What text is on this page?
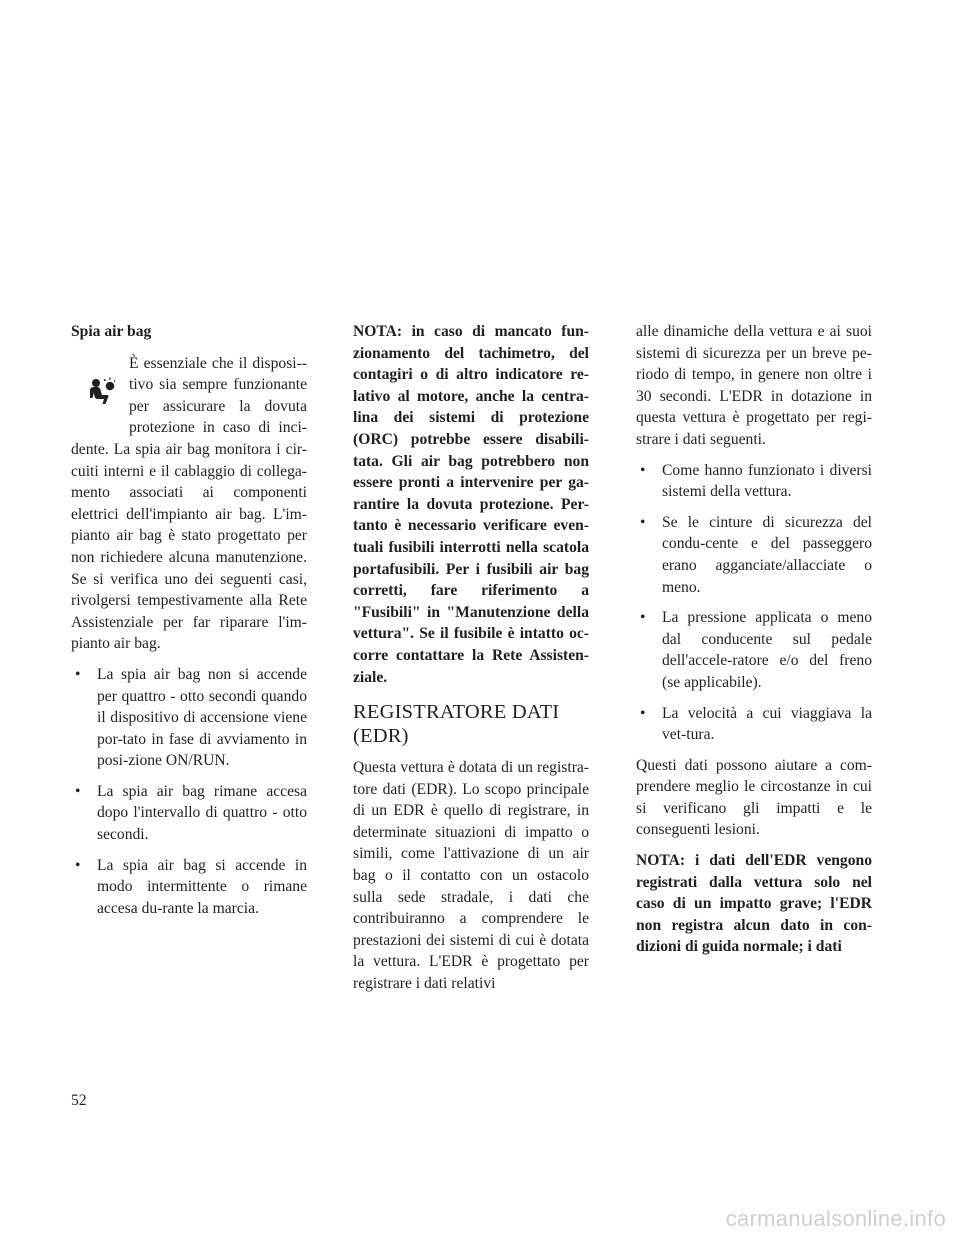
Spia air bag

È essenziale che il disposi-tivo sia sempre funzionante per assicurare la dovuta protezione in caso di inci- dente. La spia air bag monitora i cir-cuiti interni e il cablaggio di collega-mento associati ai componenti elettrici dell'impianto air bag. L'im-pianto air bag è stato progettato per non richiedere alcuna manutenzione. Se si verifica uno dei seguenti casi, rivolgersi tempestivamente alla Rete Assistenziale per far riparare l'im-pianto air bag.

• La spia air bag non si accende per quattro - otto secondi quando il dispositivo di accensione viene por-tato in fase di avviamento in posi-zione ON/RUN.
• La spia air bag rimane accesa dopo l'intervallo di quattro - otto secondi.
• La spia air bag si accende in modo intermittente o rimane accesa du-rante la marcia.

NOTA: in caso di mancato fun-zionamento del tachimetro, del contagiri o di altro indicatore re-lativo al motore, anche la centra-lina dei sistemi di protezione (ORC) potrebbe essere disabili-tata. Gli air bag potrebbero non essere pronti a intervenire per ga-rantire la dovuta protezione. Per-tanto è necessario verificare even-tuali fusibili interrotti nella scatola portafusibili. Per i fusibili air bag corretti, fare riferimento a "Fusibili" in "Manutenzione della vettura". Se il fusibile è intatto oc-corre contattare la Rete Assisten-ziale.

REGISTRATORE DATI (EDR)

Questa vettura è dotata di un registra-tore dati (EDR). Lo scopo principale di un EDR è quello di registrare, in determinate situazioni di impatto o simili, come l'attivazione di un air bag o il contatto con un ostacolo sulla sede stradale, i dati che contribuiranno a comprendere le prestazioni dei sistemi di cui è dotata la vettura. L'EDR è progettato per registrare i dati relativi

alle dinamiche della vettura e ai suoi sistemi di sicurezza per un breve pe-riodo di tempo, in genere non oltre i 30 secondi. L'EDR in dotazione in questa vettura è progettato per regi-strare i dati seguenti.

• Come hanno funzionato i diversi sistemi della vettura.
• Se le cinture di sicurezza del condu-cente e del passeggero erano agganciate/allacciate o meno.
• La pressione applicata o meno dal conducente sul pedale dell'accele-ratore e/o del freno (se applicabile).
• La velocità a cui viaggiava la vet-tura.

Questi dati possono aiutare a com-prendere meglio le circostanze in cui si verificano gli impatti e le conseguenti lesioni.

NOTA: i dati dell'EDR vengono registrati dalla vettura solo nel caso di un impatto grave; l'EDR non registra alcun dato in con-dizioni di guida normale; i dati

52
carmanualsonline.info
